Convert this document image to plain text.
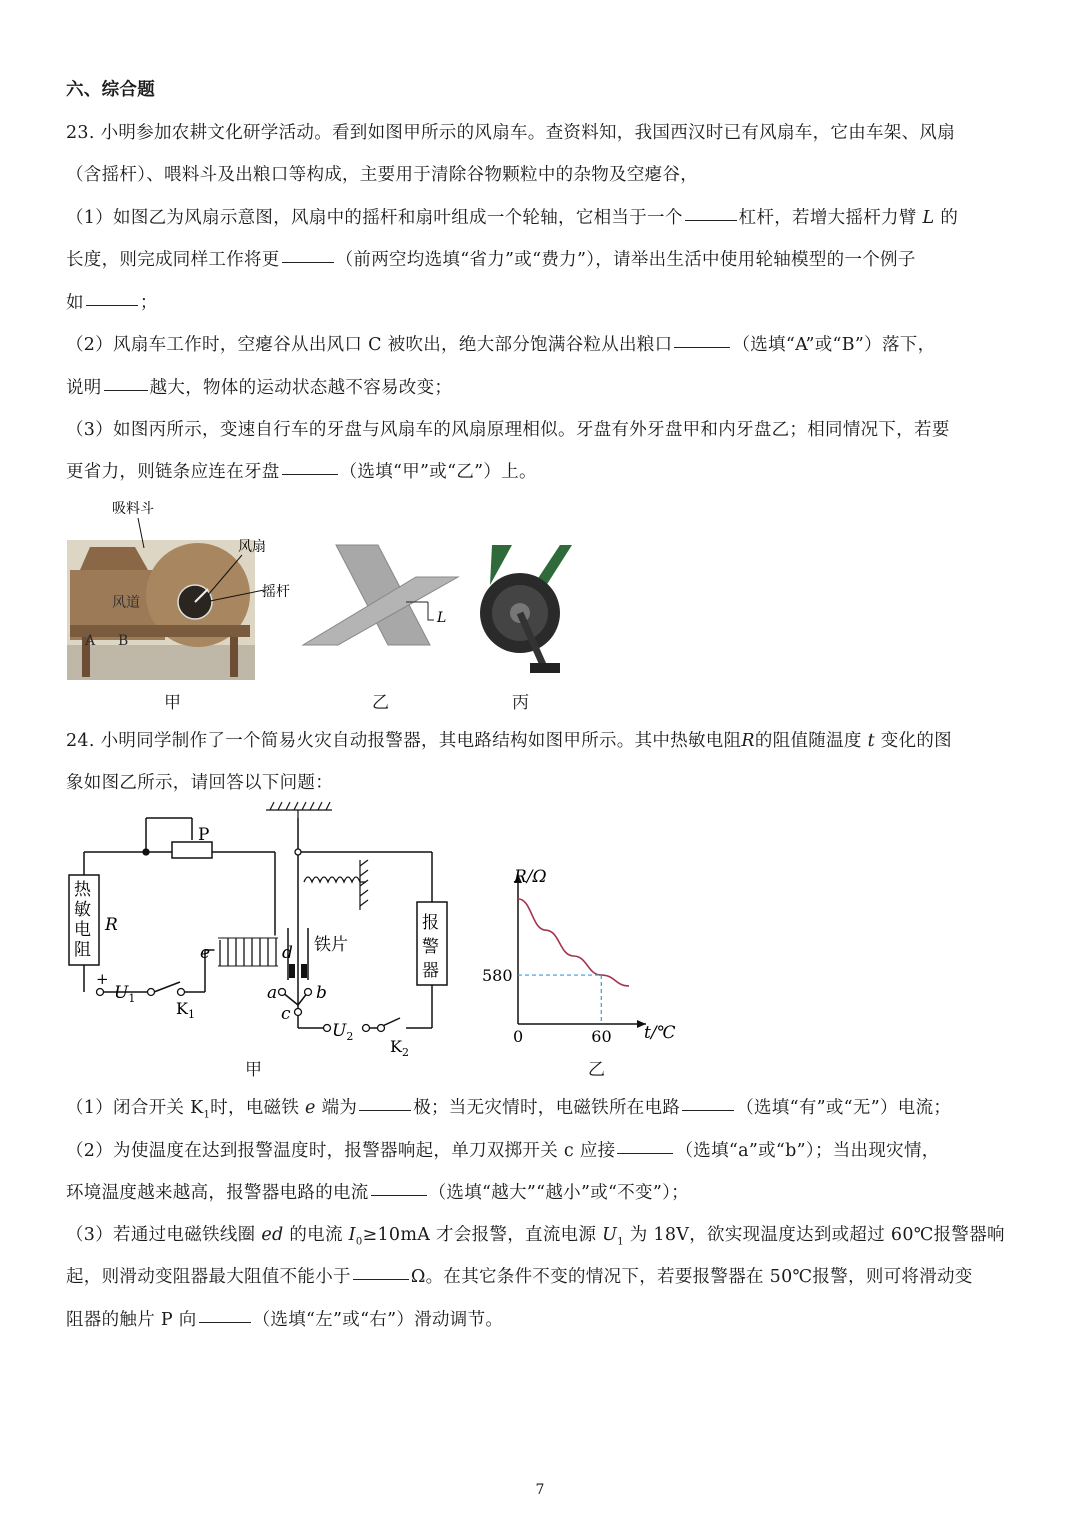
六、综合题
23. 小明参加农耕文化研学活动。看到如图甲所示的风扇车。查资料知，我国西汉时已有风扇车，它由车架、风扇
（含摇杆）、喂料斗及出粮口等构成，主要用于清除谷物颗粒中的杂物及空瘪谷，
（1）如图乙为风扇示意图，风扇中的摇杆和扇叶组成一个轮轴，它相当于一个	杠杆，若增大摇杆力臂 L 的
长度，则完成同样工作将更	（前两空均选填“省力”或“费力”），请举出生活中使用轮轴模型的一个例子
如	；
（2）风扇车工作时，空瘪谷从出风口 C 被吹出，绝大部分饱满谷粒从出粮口	（选填“A”或“B”）落下，
说明	越大，物体的运动状态越不容易改变；
（3）如图丙所示，变速自行车的牙盘与风扇车的风扇原理相似。牙盘有外牙盘甲和内牙盘乙；相同情况下，若要
更省力，则链条应连在牙盘	（选填“甲”或“乙”）上。
吸料斗
风扇
摇杆
风道
A B
甲
L
乙	丙
24. 小明同学制作了一个简易火灾自动报警器，其电路结构如图甲所示。其中热敏电阻R的阻值随温度 t 变化的图
象如图乙所示，请回答以下问题：
P
热
敏
电
阻
R
e	d 铁片
报
警
器
+
$U_1$
$K_1$
a b
c
$U_2$
$K_2$
甲
R/Ω
t/℃
0
580
60
乙
（1）闭合开关 $K_1$时，电磁铁 e 端为	极；当无灾情时，电磁铁所在电路	（选填“有”或“无”）电流；
（2）为使温度在达到报警温度时，报警器响起，单刀双掷开关 c 应接	（选填“a”或“b”）；当出现灾情，
环境温度越来越高，报警器电路的电流	（选填“越大”“越小”或“不变”）；
（3）若通过电磁铁线圈 ed 的电流 $I_0\ge 10mA$ 才会报警，直流电源 $U_1$ 为 18V，欲实现温度达到或超过 60℃报警器响
起，则滑动变阻器最大阻值不能小于	Ω。在其它条件不变的情况下，若要报警器在 50℃报警，则可将滑动变
阻器的触片 P 向	（选填“左”或“右”）滑动调节。
7
